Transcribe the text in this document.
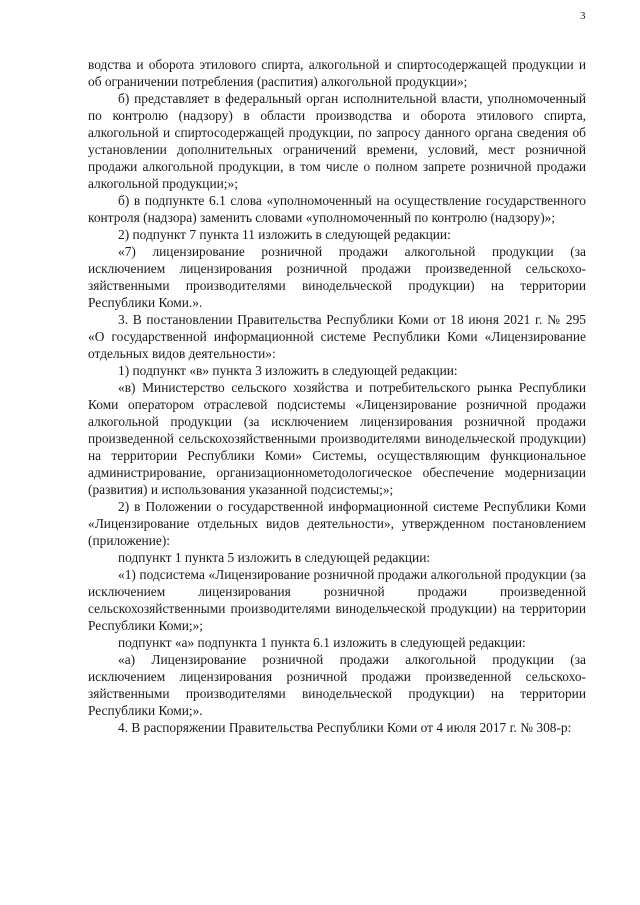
3

водства и оборота этилового спирта, алкогольной и спиртосодержащей продукции и об ограничении потребления (распития) алкогольной продукции»;

б) представляет в федеральный орган исполнительной власти, уполномоченный по контролю (надзору) в области производства и оборота этилового спирта, алкогольной и спиртосодержащей продукции, по запросу данного органа сведения об установлении дополнительных ограничений времени, условий, мест розничной продажи алкогольной продукции, в том числе о полном запрете розничной продажи алкогольной продукции;»;

б) в подпункте 6.1 слова «уполномоченный на осуществление государственного контроля (надзора) заменить словами «уполномоченный по контролю (надзору)»;

2) подпункт 7 пункта 11 изложить в следующей редакции:

«7) лицензирование розничной продажи алкогольной продукции (за исключением лицензирования розничной продажи произведенной сельскохозяйственными производителями винодельческой продукции) на территории Республики Коми.».

3. В постановлении Правительства Республики Коми от 18 июня 2021 г. № 295 «О государственной информационной системе Республики Коми «Лицензирование отдельных видов деятельности»:

1) подпункт «в» пункта 3 изложить в следующей редакции:

«в) Министерство сельского хозяйства и потребительского рынка Республики Коми оператором отраслевой подсистемы «Лицензирование розничной продажи алкогольной продукции (за исключением лицензирования розничной продажи произведенной сельскохозяйственными производителями винодельческой продукции) на территории Республики Коми» Системы, осуществляющим функциональное администрирование, организационнометодологическое обеспечение модернизации (развития) и использования указанной подсистемы;»;

2) в Положении о государственной информационной системе Республики Коми «Лицензирование отдельных видов деятельности», утвержденном постановлением (приложение):

подпункт 1 пункта 5 изложить в следующей редакции:

«1) подсистема «Лицензирование розничной продажи алкогольной продукции (за исключением лицензирования розничной продажи произведенной сельскохозяйственными производителями винодельческой продукции) на территории Республики Коми;»;

подпункт «а» подпункта 1 пункта 6.1 изложить в следующей редакции:

«а) Лицензирование розничной продажи алкогольной продукции (за исключением лицензирования розничной продажи произведенной сельскохозяйственными производителями винодельческой продукции) на территории Республики Коми;».

4. В распоряжении Правительства Республики Коми от 4 июля 2017 г. № 308-р:
